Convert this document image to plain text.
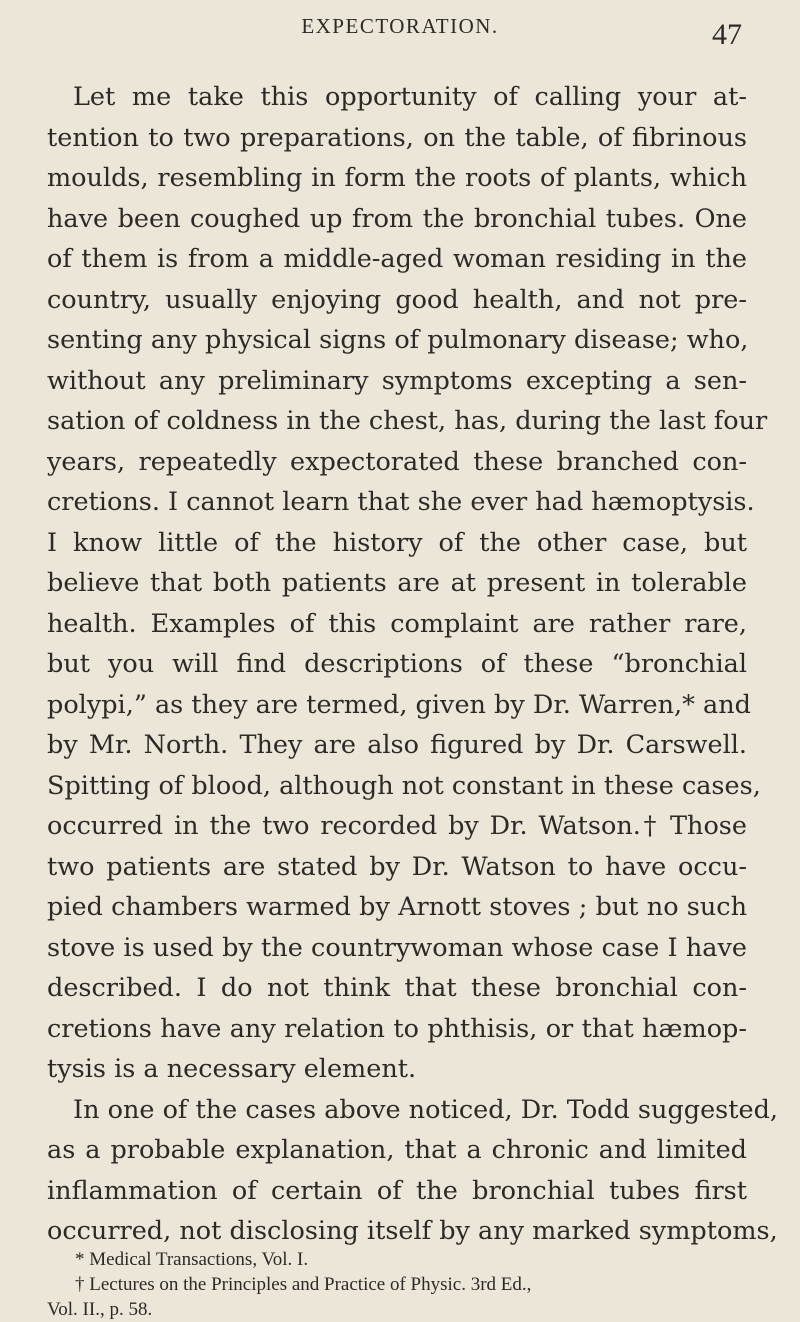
EXPECTORATION.	47
Let me take this opportunity of calling your at-
tention to two preparations, on the table, of fibrinous
moulds, resembling in form the roots of plants, which
have been coughed up from the bronchial tubes. One
of them is from a middle-aged woman residing in the
country, usually enjoying good health, and not pre-
senting any physical signs of pulmonary disease; who,
without any preliminary symptoms excepting a sen-
sation of coldness in the chest, has, during the last four
years, repeatedly expectorated these branched con-
cretions. I cannot learn that she ever had hæmoptysis.
I know little of the history of the other case, but
believe that both patients are at present in tolerable
health. Examples of this complaint are rather rare,
but you will find descriptions of these “bronchial
polypi,” as they are termed, given by Dr. Warren,* and
by Mr. North. They are also figured by Dr. Carswell.
Spitting of blood, although not constant in these cases,
occurred in the two recorded by Dr. Watson.† Those
two patients are stated by Dr. Watson to have occu-
pied chambers warmed by Arnott stoves ; but no such
stove is used by the countrywoman whose case I have
described. I do not think that these bronchial con-
cretions have any relation to phthisis, or that hæmop-
tysis is a necessary element.
In one of the cases above noticed, Dr. Todd suggested,
as a probable explanation, that a chronic and limited
inflammation of certain of the bronchial tubes first
occurred, not disclosing itself by any marked symptoms,
* Medical Transactions, Vol. I.
† Lectures on the Principles and Practice of Physic. 3rd Ed.,
Vol. II., p. 58.
